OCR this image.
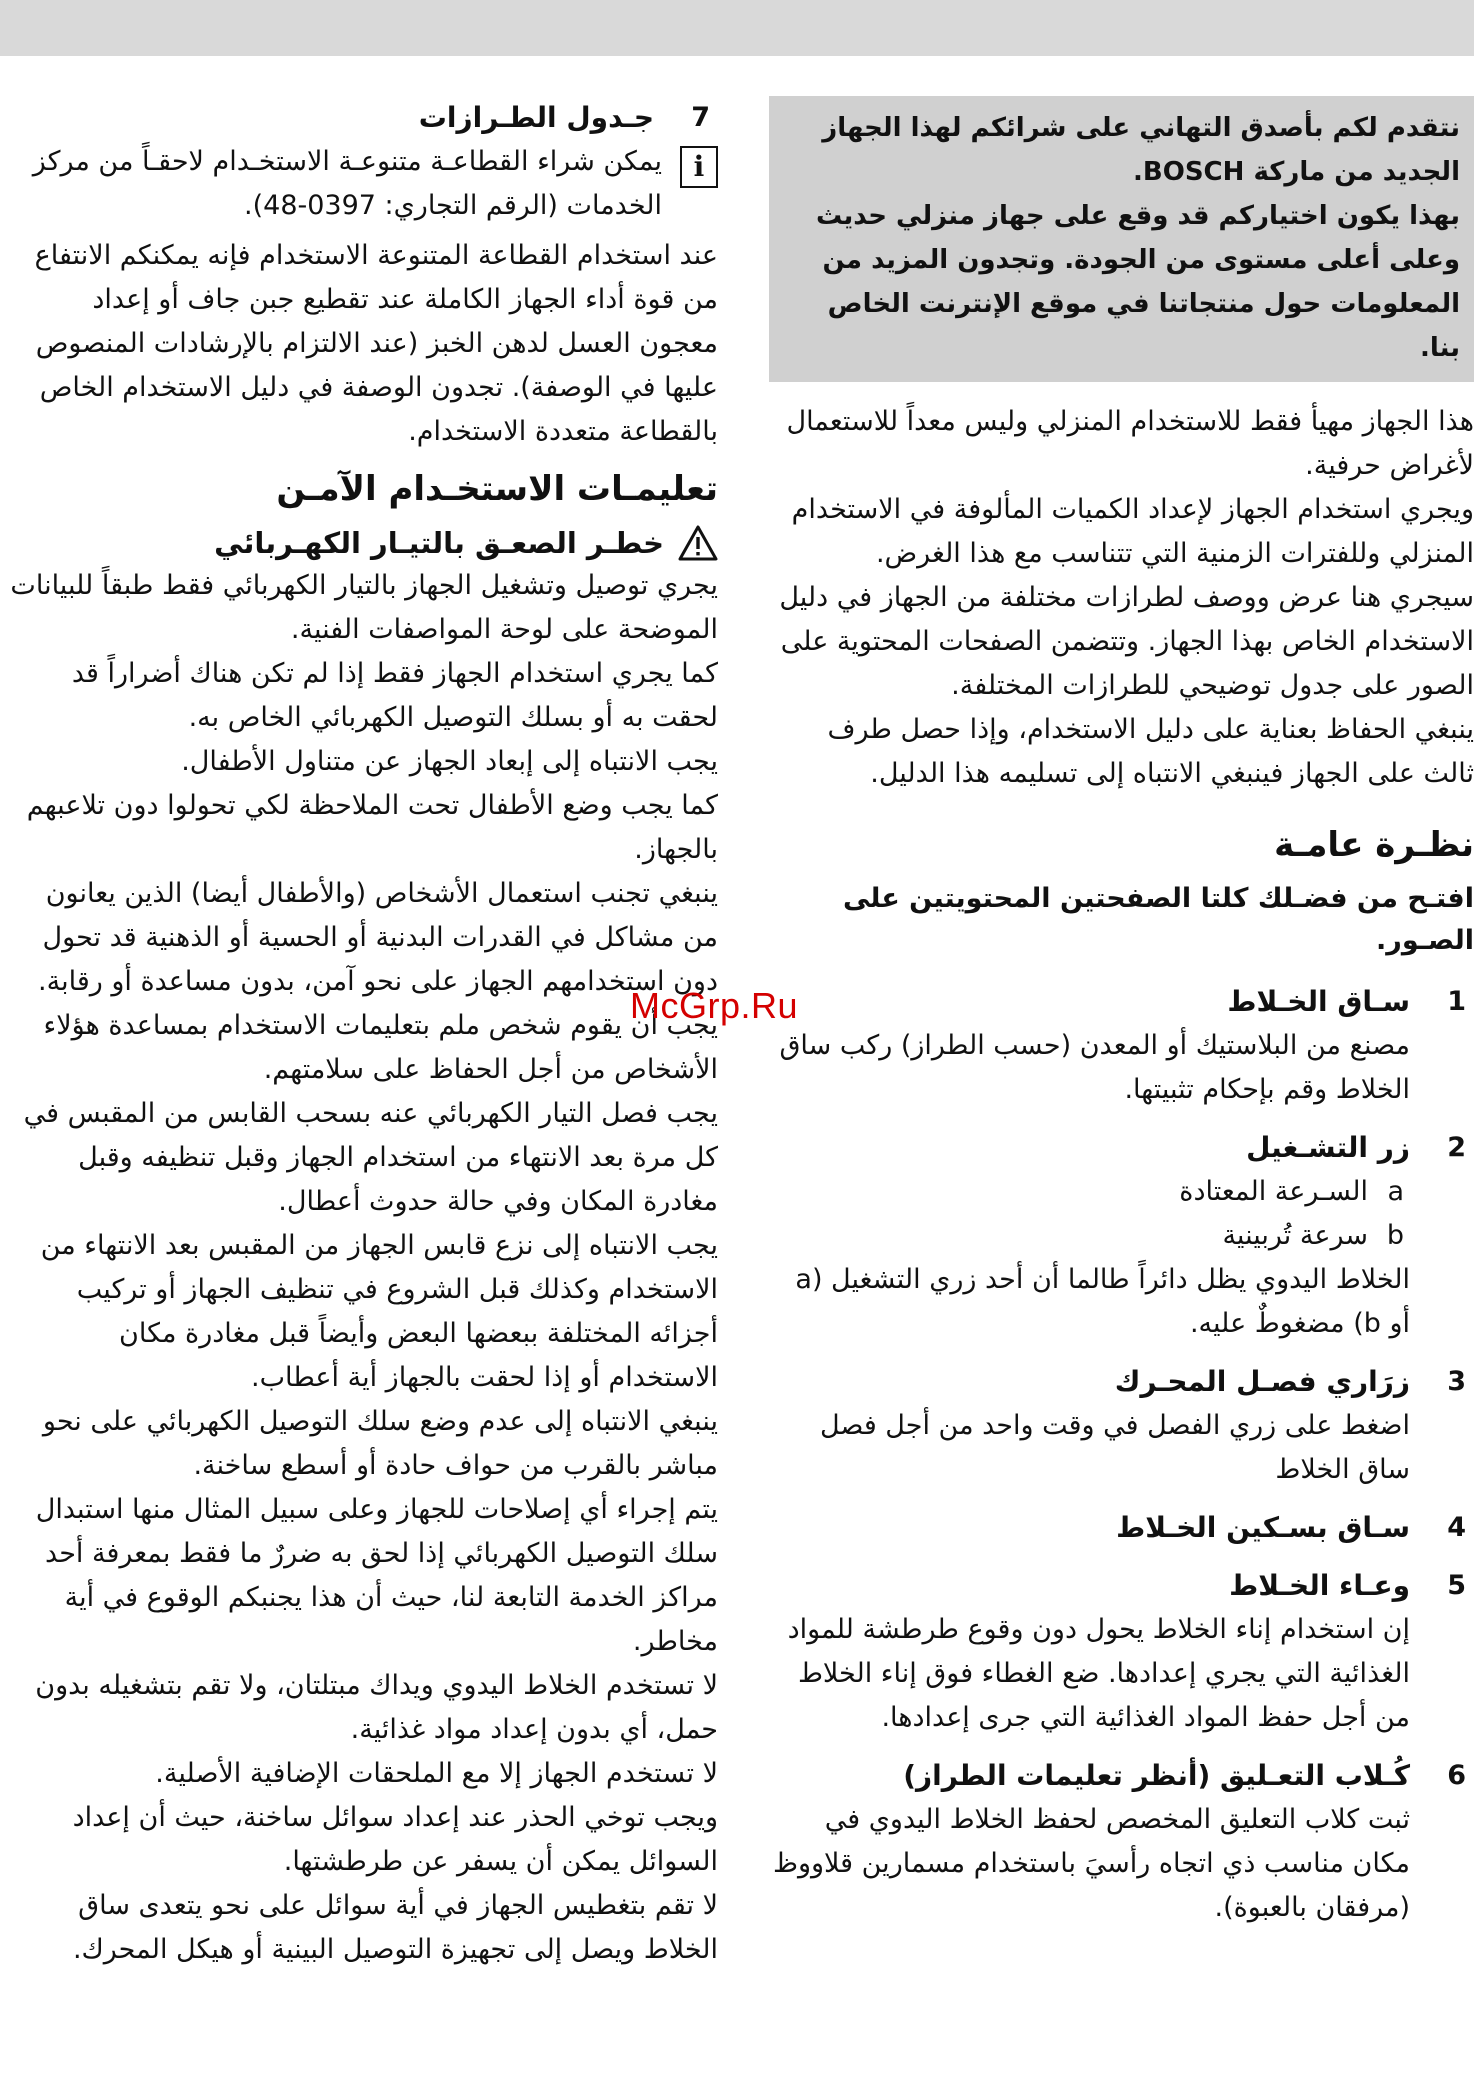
نتقدم لكم بأصدق التهاني على شرائكم لهذا الجهاز الجديد من ماركة BOSCH.

بهذا يكون اختياركم قد وقع على جهاز منزلي حديث وعلى أعلى مستوى من الجودة. وتجدون المزيد من المعلومات حول منتجاتنا في موقع الإنترنت الخاص بنا.

هذا الجهاز مهيأ فقط للاستخدام المنزلي وليس معداً للاستعمال لأغراض حرفية.

ويجري استخدام الجهاز لإعداد الكميات المألوفة في الاستخدام المنزلي وللفترات الزمنية التي تتناسب مع هذا الغرض.

سيجري هنا عرض ووصف لطرازات مختلفة من الجهاز في دليل الاستخدام الخاص بهذا الجهاز. وتتضمن الصفحات المحتوية على الصور على جدول توضيحي للطرازات المختلفة.

ينبغي الحفاظ بعناية على دليل الاستخدام، وإذا حصل طرف ثالث على الجهاز فينبغي الانتباه إلى تسليمه هذا الدليل.

نظـرة عامـة

افتـح من فضـلك كلتا الصفحتين المحتويتين على الصـور.

1

سـاق الخـلاط

مصنع من البلاستيك أو المعدن (حسب الطراز) ركب ساق الخلاط وقم بإحكام تثبيتها.

2

زر التشـغيل

a
السـرعة المعتادة
b
سرعة تُربينية

الخلاط اليدوي يظل دائراً طالما أن أحد زري التشغيل (a أو b) مضغوطٌ عليه.

3

زرَاري فصـل المحـرك

اضغط على زري الفصل في وقت واحد من أجل فصل ساق الخلاط

4

سـاق بسـكين الخـلاط

5

وعـاء الخـلاط

إن استخدام إناء الخلاط يحول دون وقوع طرطشة للمواد الغذائية التي يجري إعدادها. ضع الغطاء فوق إناء الخلاط من أجل حفظ المواد الغذائية التي جرى إعدادها.

6

كُـلاب التعـليق (أنظر تعليمات الطراز)

ثبت كلاب التعليق المخصص لحفظ الخلاط اليدوي في مكان مناسب ذي اتجاه رأسيَ باستخدام مسمارين قلاووظ (مرفقان بالعبوة).

7

جـدول الطـرازات

i

يمكن شراء القطاعـة متنوعـة الاستخـدام لاحقـاً من مركز الخدمات (الرقم التجاري: 0397-48).

عند استخدام القطاعة المتنوعة الاستخدام فإنه يمكنكم الانتفاع من قوة أداء الجهاز الكاملة عند تقطيع جبن جاف أو إعداد معجون العسل لدهن الخبز (عند الالتزام بالإرشادات المنصوص عليها في الوصفة). تجدون الوصفة في دليل الاستخدام الخاص بالقطاعة متعددة الاستخدام.

تعليمـات الاستخـدام الآمـن
خطـر الصعـق بالتيـار الكهـربائي

يجري توصيل وتشغيل الجهاز بالتيار الكهربائي فقط طبقاً للبيانات الموضحة على لوحة المواصفات الفنية.

كما يجري استخدام الجهاز فقط إذا لم تكن هناك أضراراً قد لحقت به أو بسلك التوصيل الكهربائي الخاص به.

يجب الانتباه إلى إبعاد الجهاز عن متناول الأطفال.

كما يجب وضع الأطفال تحت الملاحظة لكي تحولوا دون تلاعبهم بالجهاز.

ينبغي تجنب استعمال الأشخاص (والأطفال أيضا) الذين يعانون من مشاكل في القدرات البدنية أو الحسية أو الذهنية قد تحول دون استخدامهم الجهاز على نحو آمن، بدون مساعدة أو رقابة. يجب أن يقوم شخص ملم بتعليمات الاستخدام بمساعدة هؤلاء الأشخاص من أجل الحفاظ على سلامتهم.

يجب فصل التيار الكهربائي عنه بسحب القابس من المقبس في كل مرة بعد الانتهاء من استخدام الجهاز وقبل تنظيفه وقبل مغادرة المكان وفي حالة حدوث أعطال.

يجب الانتباه إلى نزع قابس الجهاز من المقبس بعد الانتهاء من الاستخدام وكذلك قبل الشروع في تنظيف الجهاز أو تركيب أجزائه المختلفة ببعضها البعض وأيضاً قبل مغادرة مكان الاستخدام أو إذا لحقت بالجهاز أية أعطاب.

ينبغي الانتباه إلى عدم وضع سلك التوصيل الكهربائي على نحو مباشر بالقرب من حواف حادة أو أسطع ساخنة.

يتم إجراء أي إصلاحات للجهاز وعلى سبيل المثال منها استبدال سلك التوصيل الكهربائي إذا لحق به ضررٌ ما فقط بمعرفة أحد مراكز الخدمة التابعة لنا، حيث أن هذا يجنبكم الوقوع في أية مخاطر.

لا تستخدم الخلاط اليدوي ويداك مبتلتان، ولا تقم بتشغيله بدون حمل، أي بدون إعداد مواد غذائية.

لا تستخدم الجهاز إلا مع الملحقات الإضافية الأصلية.

ويجب توخي الحذر عند إعداد سوائل ساخنة، حيث أن إعداد السوائل يمكن أن يسفر عن طرطشتها.

لا تقم بتغطيس الجهاز في أية سوائل على نحو يتعدى ساق الخلاط ويصل إلى تجهيزة التوصيل البينية أو هيكل المحرك.

McGrp.Ru
